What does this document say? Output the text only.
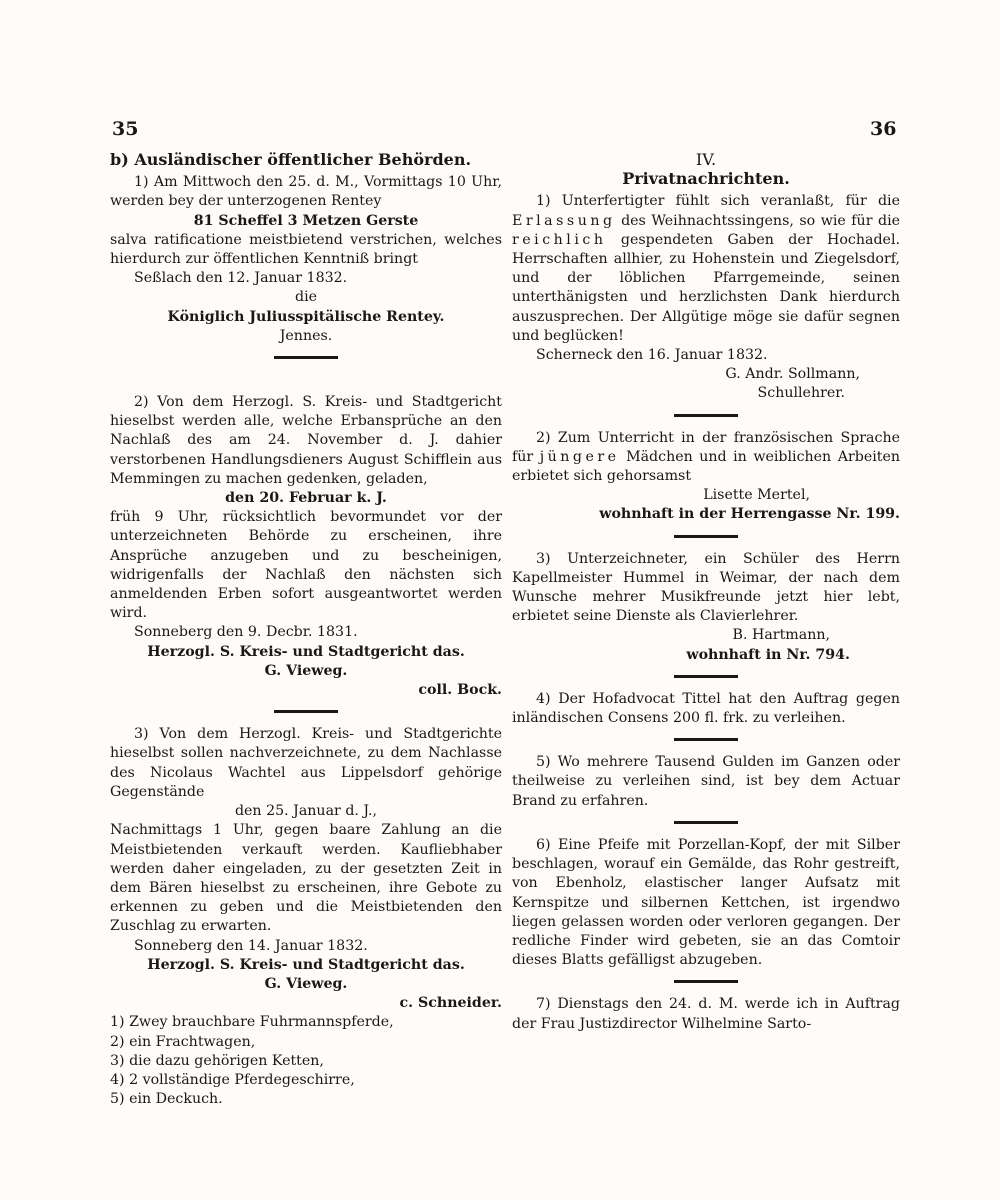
35	36

b) Ausländischer öffentlicher Behörden.

1) Am Mittwoch den 25. d. M., Vormittags 10 Uhr, werden bey der unterzogenen Rentey

81 Scheffel 3 Metzen Gerste

salva ratificatione meistbietend verstrichen, welches hierdurch zur öffentlichen Kenntniß bringt

Seßlach den 12. Januar 1832.

die

Königlich Juliusspitälische Rentey.

Jennes.

2) Von dem Herzogl. S. Kreis- und Stadtgericht hieselbst werden alle, welche Erbansprüche an den Nachlaß des am 24. November d. J. dahier verstorbenen Handlungsdieners August Schifflein aus Memmingen zu machen gedenken, geladen,

den 20. Februar k. J.

früh 9 Uhr, rücksichtlich bevormundet vor der unterzeichneten Behörde zu erscheinen, ihre Ansprüche anzugeben und zu bescheinigen, widrigenfalls der Nachlaß den nächsten sich anmeldenden Erben sofort ausgeantwortet werden wird.

Sonneberg den 9. Decbr. 1831.

Herzogl. S. Kreis- und Stadtgericht das.

G. Vieweg.

coll. Bock.

3) Von dem Herzogl. Kreis- und Stadtgerichte hieselbst sollen nachverzeichnete, zu dem Nachlasse des Nicolaus Wachtel aus Lippelsdorf gehörige Gegenstände

den 25. Januar d. J.,

Nachmittags 1 Uhr, gegen baare Zahlung an die Meistbietenden verkauft werden. Kaufliebhaber werden daher eingeladen, zu der gesetzten Zeit in dem Bären hieselbst zu erscheinen, ihre Gebote zu erkennen zu geben und die Meistbietenden den Zuschlag zu erwarten.

Sonneberg den 14. Januar 1832.

Herzogl. S. Kreis- und Stadtgericht das.

G. Vieweg.

c. Schneider.

1) Zwey brauchbare Fuhrmannspferde,
2) ein Frachtwagen,
3) die dazu gehörigen Ketten,
4) 2 vollständige Pferdegeschirre,
5) ein Deckuch.

IV.

Privatnachrichten.

1) Unterfertigter fühlt sich veranlaßt, für die Erlassung des Weihnachtssingens, so wie für die reichlich gespendeten Gaben der Hochadel. Herrschaften allhier, zu Hohenstein und Ziegelsdorf, und der löblichen Pfarrgemeinde, seinen unterthänigsten und herzlichsten Dank hierdurch auszusprechen. Der Allgütige möge sie dafür segnen und beglücken!

Scherneck den 16. Januar 1832.

G. Andr. Sollmann,

Schullehrer.

2) Zum Unterricht in der französischen Sprache für jüngere Mädchen und in weiblichen Arbeiten erbietet sich gehorsamst

Lisette Mertel,

wohnhaft in der Herrengasse Nr. 199.

3) Unterzeichneter, ein Schüler des Herrn Kapellmeister Hummel in Weimar, der nach dem Wunsche mehrer Musikfreunde jetzt hier lebt, erbietet seine Dienste als Clavierlehrer.

B. Hartmann,

wohnhaft in Nr. 794.

4) Der Hofadvocat Tittel hat den Auftrag gegen inländischen Consens 200 fl. frk. zu verleihen.

5) Wo mehrere Tausend Gulden im Ganzen oder theilweise zu verleihen sind, ist bey dem Actuar Brand zu erfahren.

6) Eine Pfeife mit Porzellan-Kopf, der mit Silber beschlagen, worauf ein Gemälde, das Rohr gestreift, von Ebenholz, elastischer langer Aufsatz mit Kernspitze und silbernen Kettchen, ist irgendwo liegen gelassen worden oder verloren gegangen. Der redliche Finder wird gebeten, sie an das Comtoir dieses Blatts gefälligst abzugeben.

7) Dienstags den 24. d. M. werde ich in Auftrag der Frau Justizdirector Wilhelmine Sarto-
